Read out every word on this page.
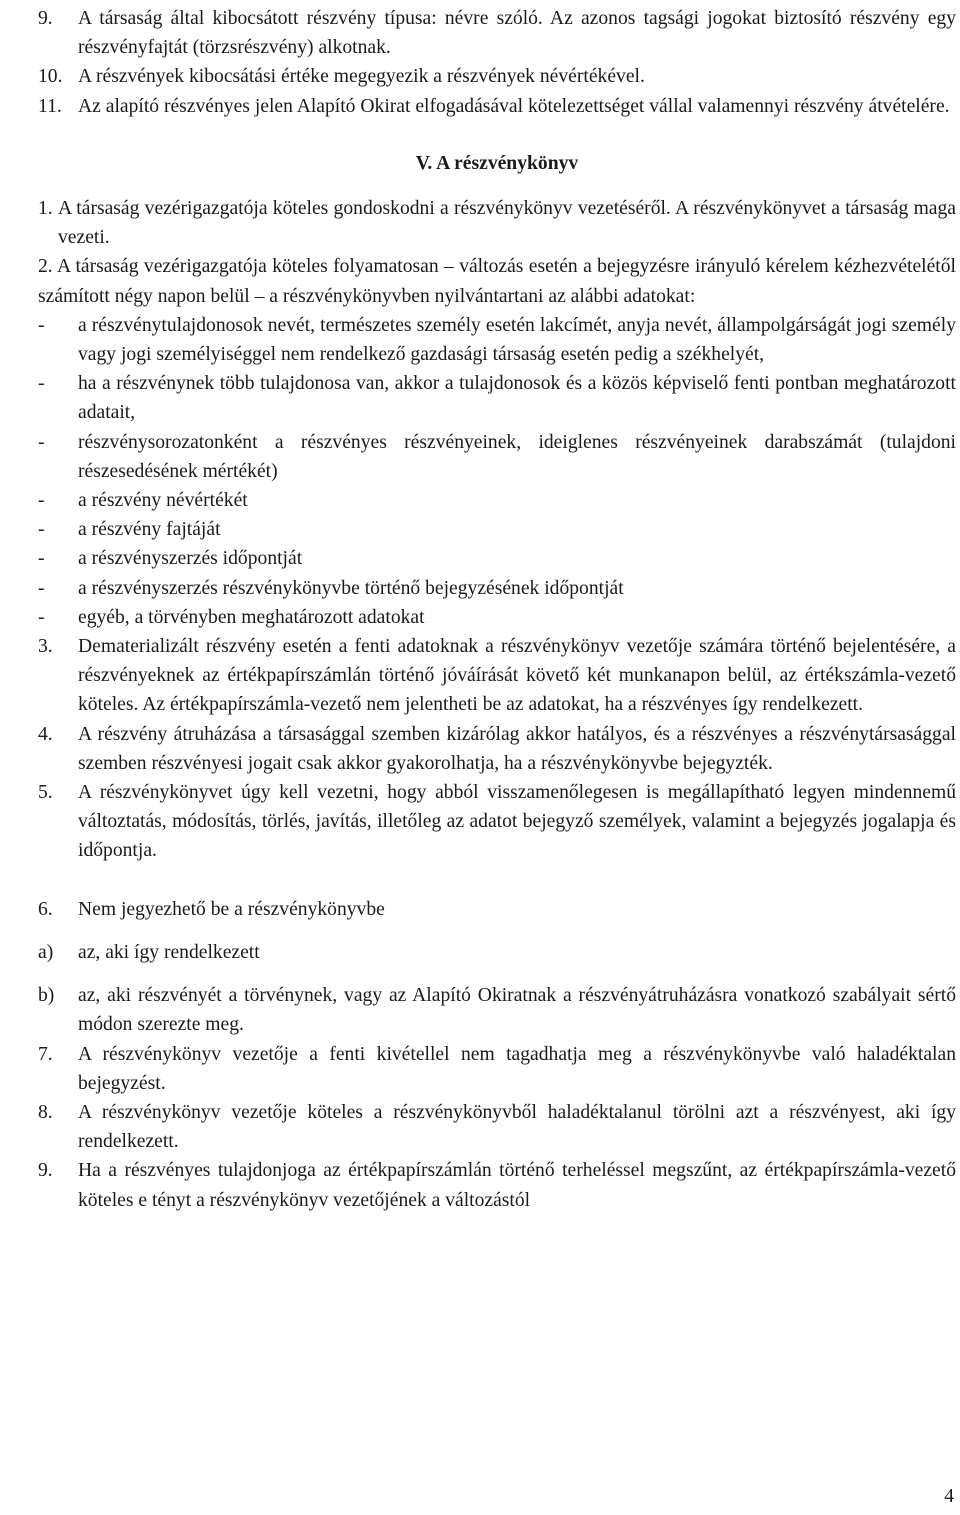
9. A társaság által kibocsátott részvény típusa: névre szóló. Az azonos tagsági jogokat biztosító részvény egy részvényfajtát (törzsrészvény) alkotnak.

10. A részvények kibocsátási értéke megegyezik a részvények névértékével.

11. Az alapító részvényes jelen Alapító Okirat elfogadásával kötelezettséget vállal valamennyi részvény átvételére.

V. A részvénykönyv

1. A társaság vezérigazgatója köteles gondoskodni a részvénykönyv vezetéséről. A részvénykönyvet a társaság maga vezeti.

2. A társaság vezérigazgatója köteles folyamatosan – változás esetén a bejegyzésre irányuló kérelem kézhezvételétől számított négy napon belül – a részvénykönyvben nyilvántartani az alábbi adatokat:

- a részvénytulajdonosok nevét, természetes személy esetén lakcímét, anyja nevét, állampolgárságát jogi személy vagy jogi személyiséggel nem rendelkező gazdasági társaság esetén pedig a székhelyét,

- ha a részvénynek több tulajdonosa van, akkor a tulajdonosok és a közös képviselő fenti pontban meghatározott adatait,

- részvénysorozatonként a részvényes részvényeinek, ideiglenes részvényeinek darabszámát (tulajdoni részesedésének mértékét)

- a részvény névértékét

- a részvény fajtáját

- a részvényszerzés időpontját

- a részvényszerzés részvénykönyvbe történő bejegyzésének időpontját

- egyéb, a törvényben meghatározott adatokat

3. Dematerializált részvény esetén a fenti adatoknak a részvénykönyv vezetője számára történő bejelentésére, a részvényeknek az értékpapírszámlán történő jóváírását követő két munkanapon belül, az értékszámla-vezető köteles. Az értékpapírszámla-vezető nem jelentheti be az adatokat, ha a részvényes így rendelkezett.

4. A részvény átruházása a társasággal szemben kizárólag akkor hatályos, és a részvényes a részvénytársasággal szemben részvényesi jogait csak akkor gyakorolhatja, ha a részvénykönyvbe bejegyzték.

5. A részvénykönyvet úgy kell vezetni, hogy abból visszamenőlegesen is megállapítható legyen mindennemű változtatás, módosítás, törlés, javítás, illetőleg az adatot bejegyző személyek, valamint a bejegyzés jogalapja és időpontja.

6. Nem jegyezhető be a részvénykönyvbe

a) az, aki így rendelkezett

b) az, aki részvényét a törvénynek, vagy az Alapító Okiratnak a részvényátruházásra vonatkozó szabályait sértő módon szerezte meg.

7. A részvénykönyv vezetője a fenti kivétellel nem tagadhatja meg a részvénykönyvbe való haladéktalan bejegyzést.

8. A részvénykönyv vezetője köteles a részvénykönyvből haladéktalanul törölni azt a részvényest, aki így rendelkezett.

9. Ha a részvényes tulajdonjoga az értékpapírszámlán történő terheléssel megszűnt, az értékpapírszámla-vezető köteles e tényt a részvénykönyv vezetőjének a változástól

4
